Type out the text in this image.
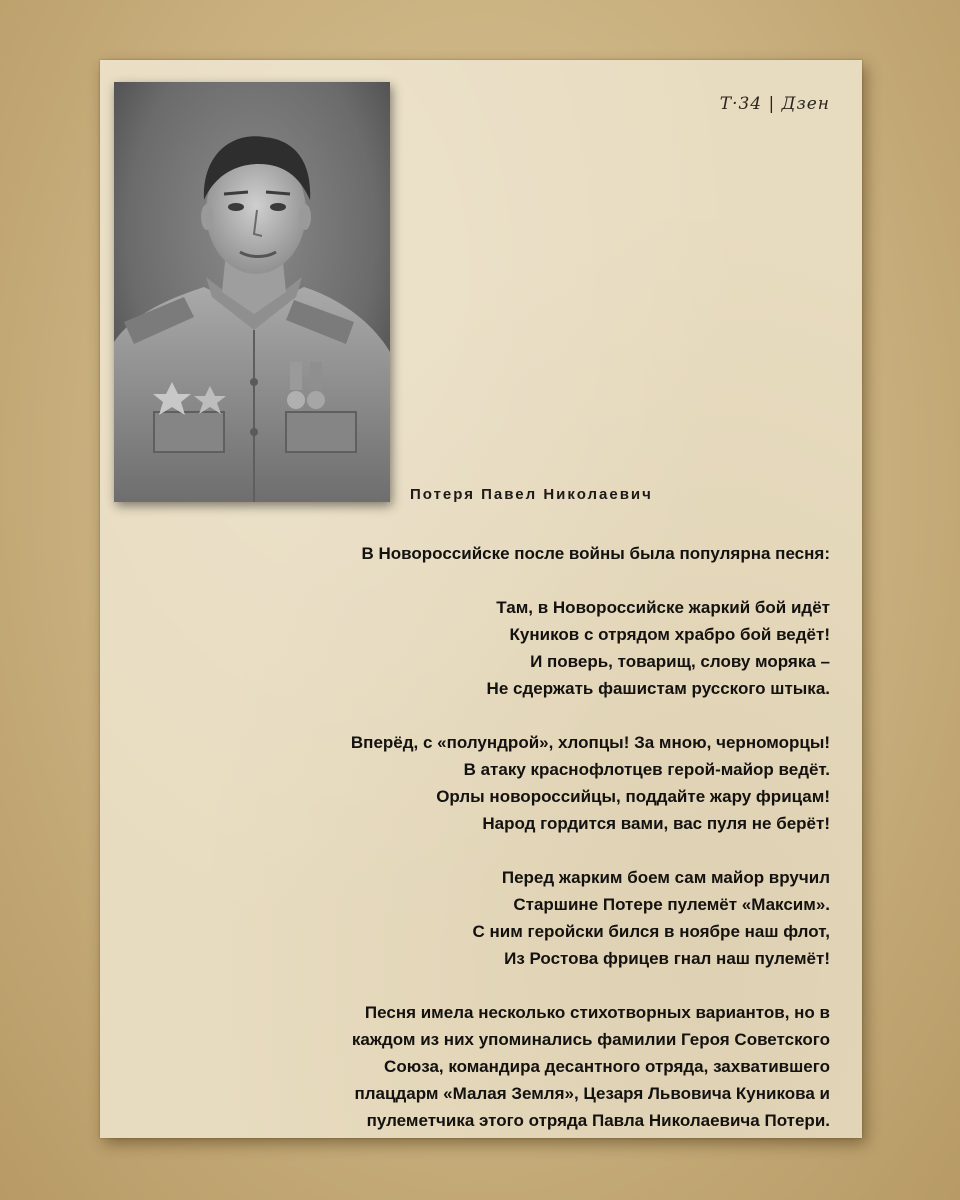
Т·34 | Дзен
Потеря Павел Николаевич
В Новороссийске после войны была популярна песня:
Там, в Новороссийске жаркий бой идёт
Куников с отрядом храбро бой ведёт!
И поверь, товарищ, слову моряка –
Не сдержать фашистам русского штыка.
Вперёд, с «полундрой», хлопцы! За мною, черноморцы!
В атаку краснофлотцев герой-майор ведёт.
Орлы новороссийцы, поддайте жару фрицам!
Народ гордится вами, вас пуля не берёт!
Перед жарким боем сам майор вручил
Старшине Потере пулемёт «Максим».
С ним геройски бился в ноябре наш флот,
Из Ростова фрицев гнал наш пулемёт!
Песня имела несколько стихотворных вариантов, но в
каждом из них упоминались фамилии Героя Советского
Союза, командира десантного отряда, захватившего
плацдарм «Малая Земля», Цезаря Львовича Куникова и
пулеметчика этого отряда Павла Николаевича Потери.
